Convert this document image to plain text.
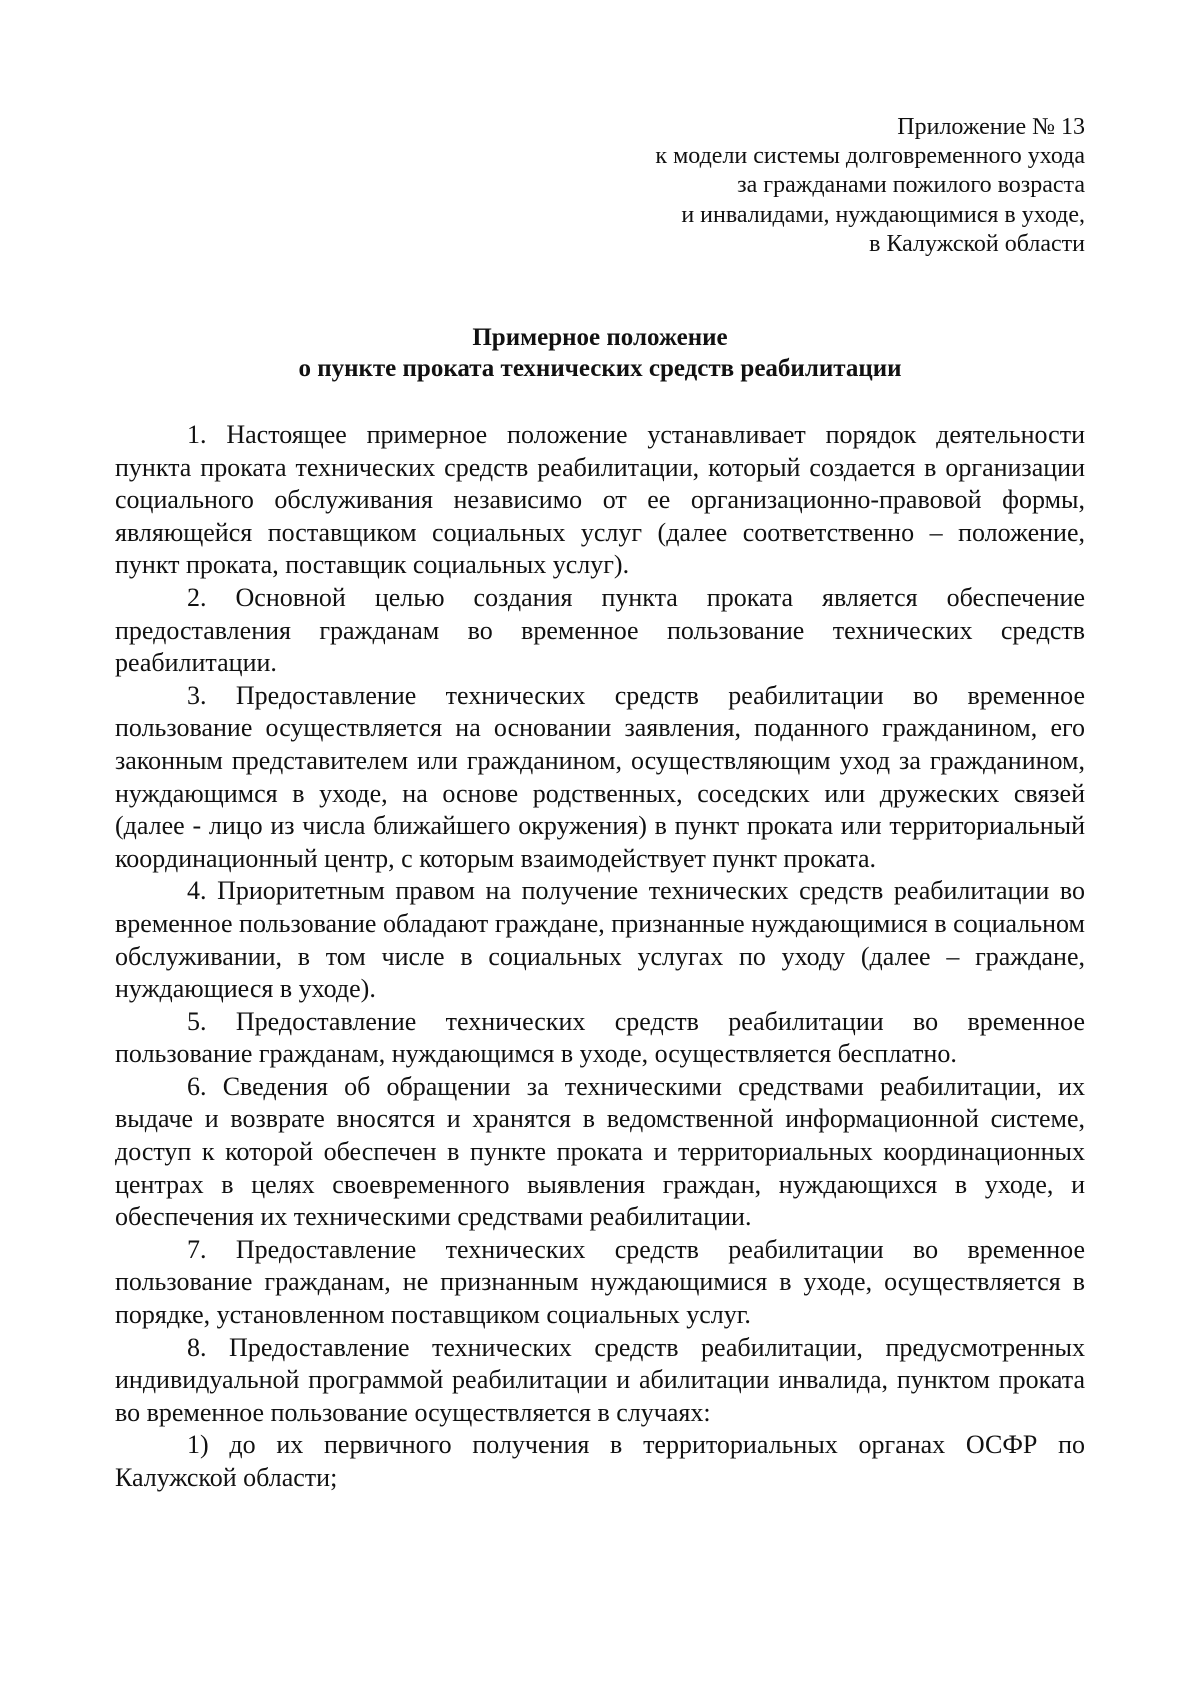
Приложение № 13
к модели системы долговременного ухода
за гражданами пожилого возраста
и инвалидами, нуждающимися в уходе,
в Калужской области
Примерное положение
о пункте проката технических средств реабилитации

1. Настоящее примерное положение устанавливает порядок деятельности пункта проката технических средств реабилитации, который создается в организации социального обслуживания независимо от ее организационно-правовой формы, являющейся поставщиком социальных услуг (далее соответственно – положение, пункт проката, поставщик социальных услуг).

2. Основной целью создания пункта проката является обеспечение предоставления гражданам во временное пользование технических средств реабилитации.

3. Предоставление технических средств реабилитации во временное пользование осуществляется на основании заявления, поданного гражданином, его законным представителем или гражданином, осуществляющим уход за гражданином, нуждающимся в уходе, на основе родственных, соседских или дружеских связей (далее - лицо из числа ближайшего окружения) в пункт проката или территориальный координационный центр, с которым взаимодействует пункт проката.

4. Приоритетным правом на получение технических средств реабилитации во временное пользование обладают граждане, признанные нуждающимися в социальном обслуживании, в том числе в социальных услугах по уходу (далее – граждане, нуждающиеся в уходе).

5. Предоставление технических средств реабилитации во временное пользование гражданам, нуждающимся в уходе, осуществляется бесплатно.

6. Сведения об обращении за техническими средствами реабилитации, их выдаче и возврате вносятся и хранятся в ведомственной информационной системе, доступ к которой обеспечен в пункте проката и территориальных координационных центрах в целях своевременного выявления граждан, нуждающихся в уходе, и обеспечения их техническими средствами реабилитации.

7. Предоставление технических средств реабилитации во временное пользование гражданам, не признанным нуждающимися в уходе, осуществляется в порядке, установленном поставщиком социальных услуг.

8. Предоставление технических средств реабилитации, предусмотренных индивидуальной программой реабилитации и абилитации инвалида, пунктом проката во временное пользование осуществляется в случаях:

1) до их первичного получения в территориальных органах ОСФР по Калужской области;
